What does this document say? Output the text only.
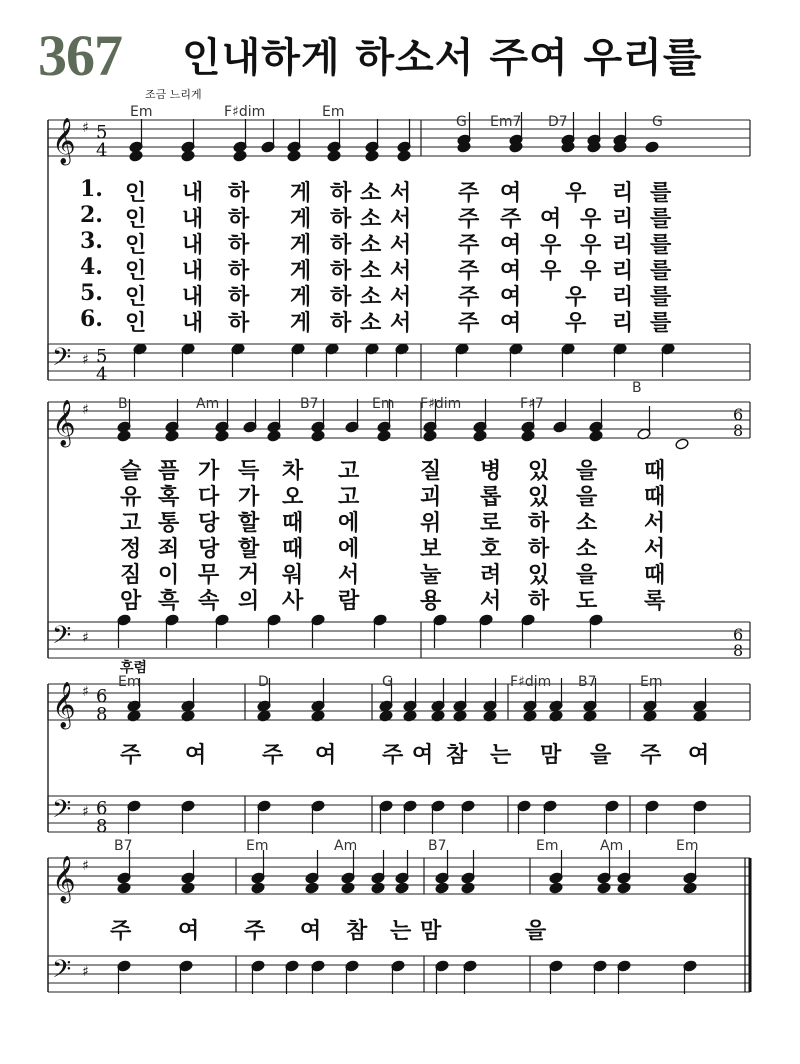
367 인내하게 하소서 주여 우리를
조금 느리게
𝄞
𝄢
♯
♯
𝄞
𝄢
♯
♯
𝄞
𝄢
♯
♯
𝄞
𝄢
♯
♯
5
4
5
4
6
8
6
8
6
8
6
8
Em	F♯dim	Em
G Em7 D7	G
B	Am	B7	Em F♯dim	F♯7
B
후렴
Em	D	G	F♯dim B7	Em
B7	Em	Am	B7	Em	Am	Em
1. 인 내 하 게 하 소 서 주 여 우 리 를
2. 인 내 하 게 하 소 서 주 주 여 우 리 를
3. 인 내 하 게 하 소 서 주 여 우 우 리 를
4. 인 내 하 게 하 소 서 주 여 우 우 리 를
5. 인 내 하 게 하 소 서 주 여 우 리 를
6. 인 내 하 게 하 소 서 주 여 우 리 를
슬 픔 가 득 차 고	질 병 있 을 때
유 혹 다 가 오 고	괴 롭 있 을 때
고 통 당 할 때 에	위 로 하 소 서
정 죄 당 할 때 에	보 호 하 소 서
짐 이 무 거 워 서	눌 려 있 을 때
암 흑 속 의 사 람	용 서 하 도 록
주 여	주 여 주 여 참 는 맘 을 주 여
주 여 주 여 참 는 맘	을
